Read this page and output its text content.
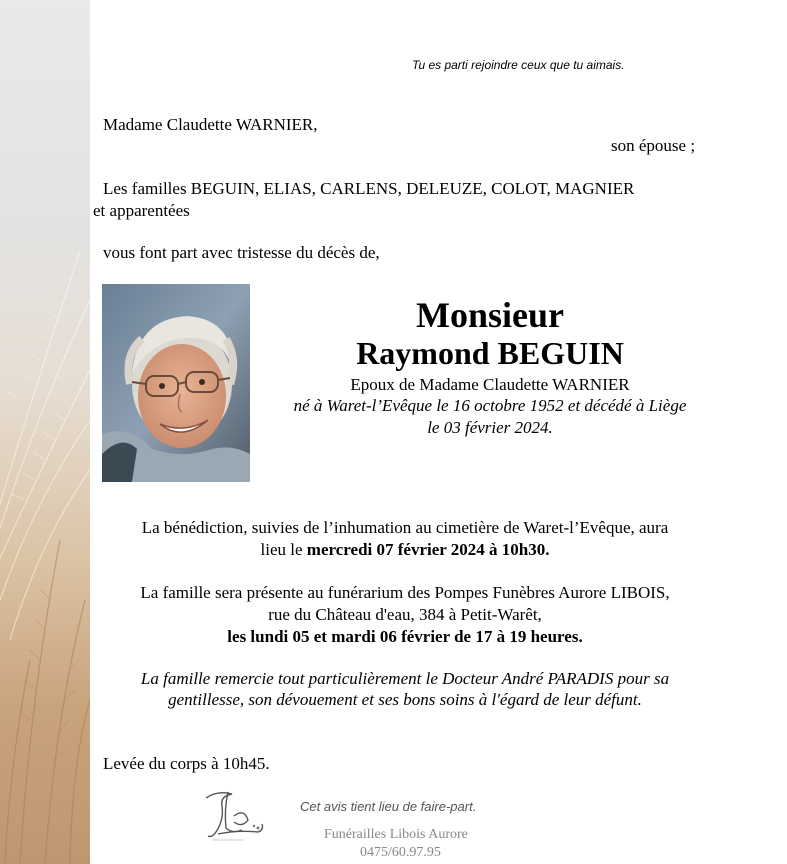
Tu es parti rejoindre ceux que tu aimais.
Madame Claudette WARNIER,
son épouse ;
Les familles BEGUIN, ELIAS, CARLENS, DELEUZE, COLOT, MAGNIER
et apparentées
vous font part avec tristesse du décès de,
Monsieur
Raymond BEGUIN
Epoux de Madame Claudette WARNIER
né à Waret-l’Evêque le 16 octobre 1952 et décédé à Liège
le 03 février 2024.
La bénédiction, suivies de l’inhumation au cimetière de Waret-l’Evêque, aura
lieu le mercredi 07 février 2024 à 10h30.
La famille sera présente au funérarium des Pompes Funèbres Aurore LIBOIS,
rue du Château d'eau, 384 à Petit-Warêt,
les lundi 05 et mardi 06 février de 17 à 19 heures.
La famille remercie tout particulièrement le Docteur André PARADIS pour sa
gentillesse, son dévouement et ses bons soins à l'égard de leur défunt.
Levée du corps à 10h45.
Cet avis tient lieu de faire-part.
Funérailles Libois Aurore
0475/60.97.95
